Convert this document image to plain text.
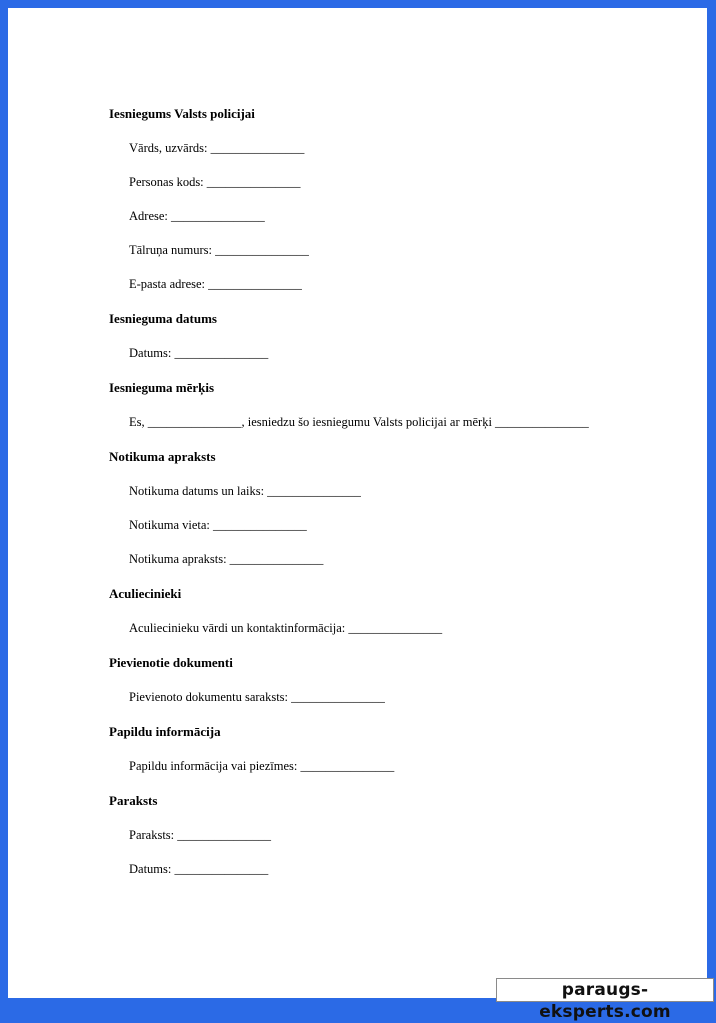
Iesniegums Valsts policijai
Vārds, uzvārds: _______________
Personas kods: _______________
Adrese: _______________
Tālruņa numurs: _______________
E-pasta adrese: _______________
Iesnieguma datums
Datums: _______________
Iesnieguma mērķis
Es, _______________, iesniedzu šo iesniegumu Valsts policijai ar mērķi _______________
Notikuma apraksts
Notikuma datums un laiks: _______________
Notikuma vieta: _______________
Notikuma apraksts: _______________
Aculiecinieki
Aculiecinieku vārdi un kontaktinformācija: _______________
Pievienotie dokumenti
Pievienoto dokumentu saraksts: _______________
Papildu informācija
Papildu informācija vai piezīmes: _______________
Paraksts
Paraksts: _______________
Datums: _______________
paraugs-eksperts.com
